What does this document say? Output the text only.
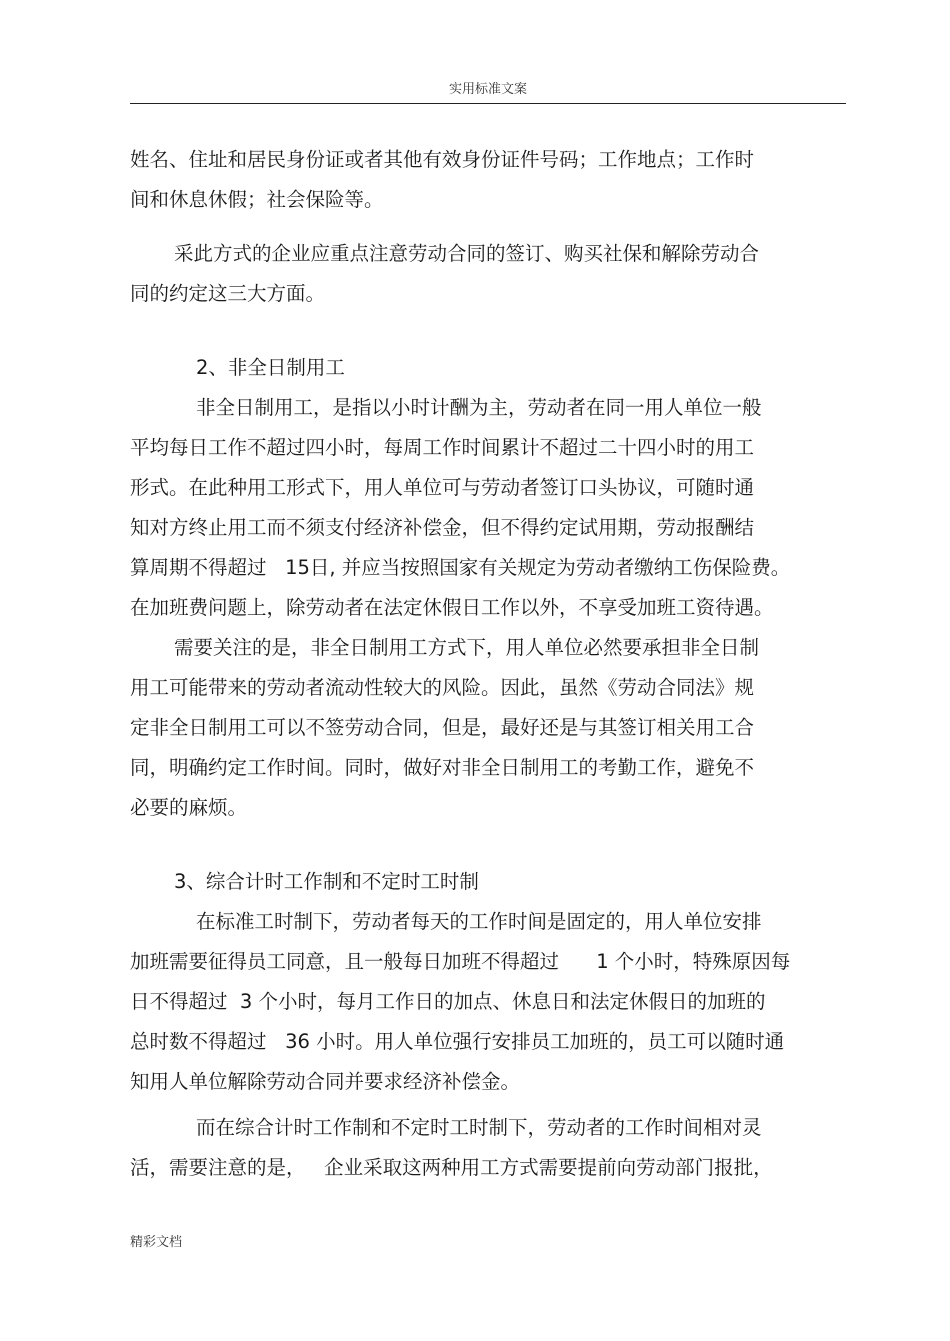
实用标准文案
姓名、住址和居民身份证或者其他有效身份证件号码；工作地点；工作时
间和休息休假；社会保险等。
采此方式的企业应重点注意劳动合同的签订、购买社保和解除劳动合
同的约定这三大方面。
2、非全日制用工
非全日制用工，是指以小时计酬为主，劳动者在同一用人单位一般
平均每日工作不超过四小时，每周工作时间累计不超过二十四小时的用工
形式。在此种用工形式下，用人单位可与劳动者签订口头协议，可随时通
知对方终止用工而不须支付经济补偿金，但不得约定试用期，劳动报酬结
算周期不得超过   15日, 并应当按照国家有关规定为劳动者缴纳工伤保险费。
在加班费问题上，除劳动者在法定休假日工作以外，不享受加班工资待遇。
需要关注的是，非全日制用工方式下，用人单位必然要承担非全日制
用工可能带来的劳动者流动性较大的风险。因此，虽然《劳动合同法》规
定非全日制用工可以不签劳动合同，但是，最好还是与其签订相关用工合
同，明确约定工作时间。同时，做好对非全日制用工的考勤工作，避免不
必要的麻烦。
3、综合计时工作制和不定时工时制
在标准工时制下，劳动者每天的工作时间是固定的，用人单位安排
加班需要征得员工同意，且一般每日加班不得超过      1 个小时，特殊原因每
日不得超过  3 个小时，每月工作日的加点、休息日和法定休假日的加班的
总时数不得超过   36 小时。用人单位强行安排员工加班的，员工可以随时通
知用人单位解除劳动合同并要求经济补偿金。
而在综合计时工作制和不定时工时制下，劳动者的工作时间相对灵
活，需要注意的是，   企业采取这两种用工方式需要提前向劳动部门报批，
精彩文档
